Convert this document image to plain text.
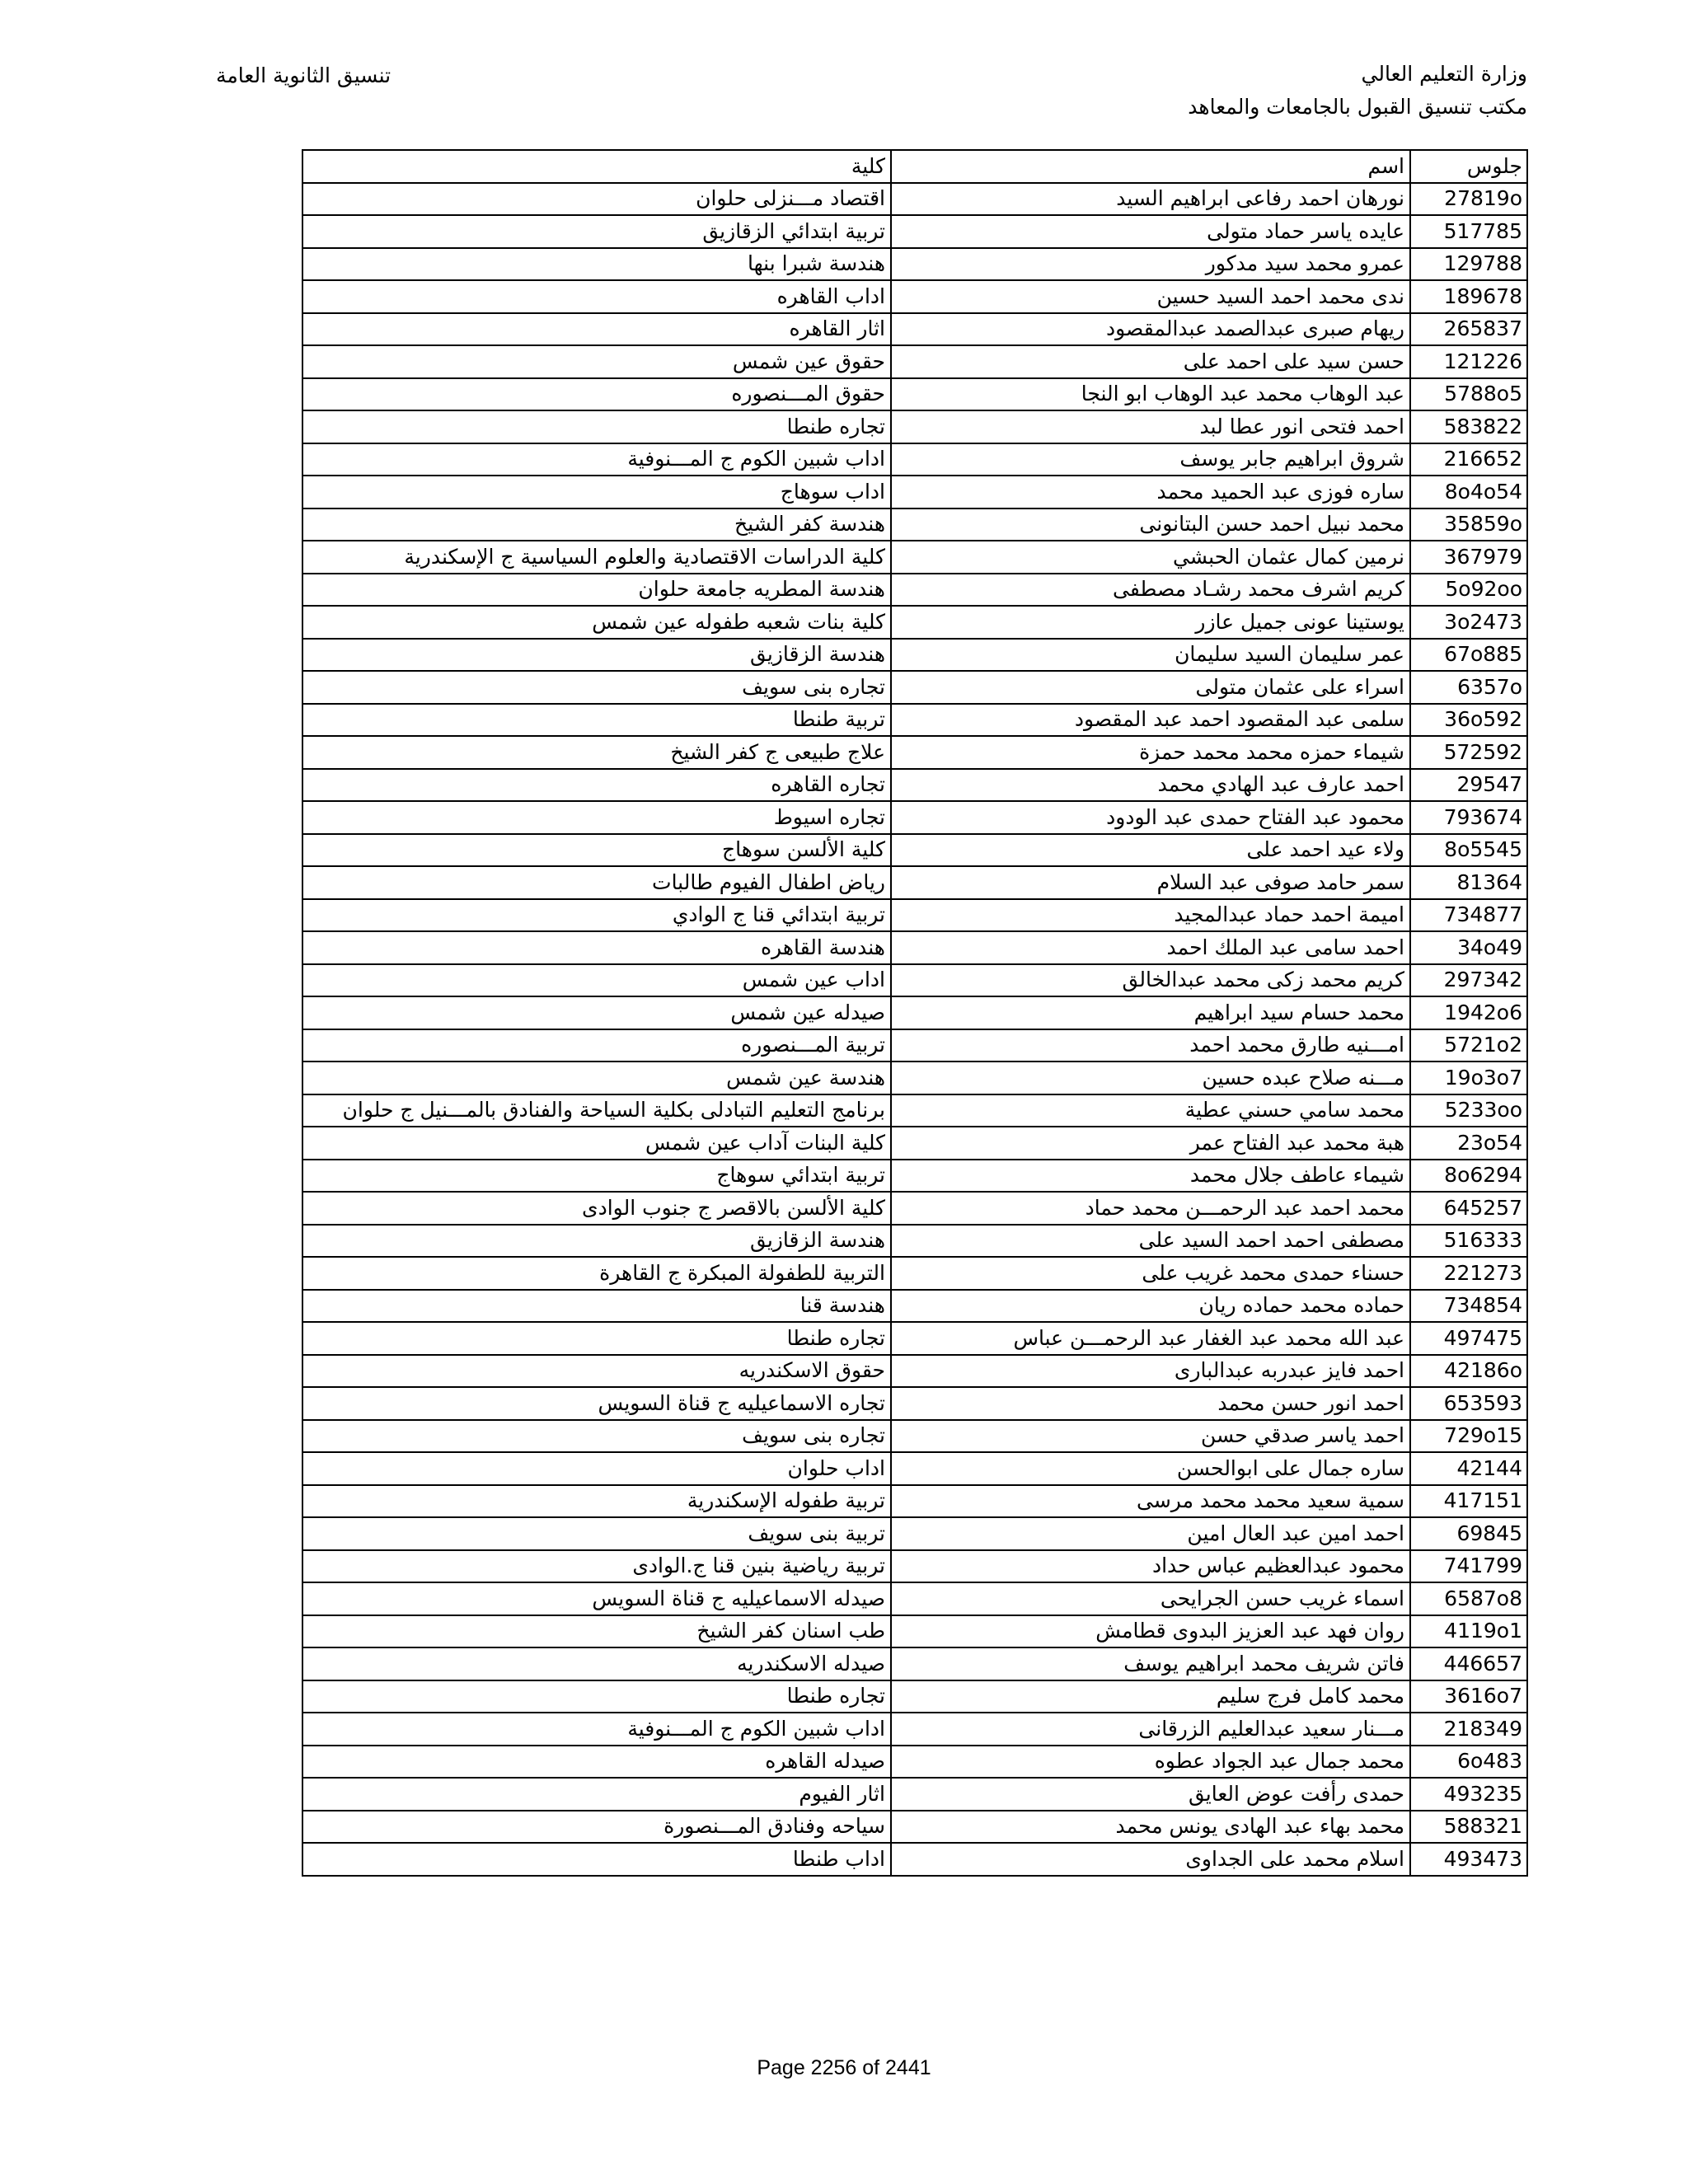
وزارة التعليم العالي
مكتب تنسيق القبول بالجامعات والمعاهد
تنسيق الثانوية العامة
جلوس	اسم	كلية
27819o	نورهان احمد رفاعى ابراهيم السيد	اقتصاد مـــنزلى حلوان
517785	عايده ياسر حماد متولى	تربية ابتدائي الزقازيق
129788	عمرو محمد سيد مدكور	هندسة شبرا بنها
189678	ندى محمد احمد السيد حسين	اداب القاهره
265837	ريهام صبرى عبدالصمد عبدالمقصود	اثار القاهره
121226	حسن سيد على احمد على	حقوق عين شمس
5788o5	عبد الوهاب محمد عبد الوهاب ابو النجا	حقوق المـــنصوره
583822	احمد فتحى انور عطا لبد	تجاره طنطا
216652	شروق ابراهيم جابر يوسف	اداب شبين الكوم ج المـــنوفية
8o4o54	ساره فوزى عبد الحميد محمد	اداب سوهاج
35859o	محمد نبيل احمد حسن البتانونى	هندسة كفر الشيخ
367979	نرمين كمال عثمان الحبشي	كلية الدراسات الاقتصادية والعلوم السياسية ج الإسكندرية
5o92oo	كريم اشرف محمد رشـاد مصطفى	هندسة المطريه جامعة حلوان
3o2473	يوستينا عونى جميل عازر	كلية بنات شعبه طفوله عين شمس
67o885	عمر سليمان السيد سليمان	هندسة الزقازيق
6357o	اسراء على عثمان متولى	تجاره بنى سويف
36o592	سلمى عبد المقصود احمد عبد المقصود	تربية طنطا
572592	شيماء حمزه محمد محمد حمزة	علاج طبيعى ج كفر الشيخ
29547	احمد عارف عبد الهادي محمد	تجاره القاهره
793674	محمود عبد الفتاح حمدى عبد الودود	تجاره اسيوط
8o5545	ولاء عيد احمد على	كلية الألسن سوهاج
81364	سمر حامد صوفى عبد السلام	رياض اطفال الفيوم طالبات
734877	اميمة احمد حماد عبدالمجيد	تربية ابتدائي قنا ج الوادي
34o49	احمد سامى عبد الملك احمد	هندسة القاهره
297342	كريم محمد زكى محمد عبدالخالق	اداب عين شمس
1942o6	محمد حسام سيد ابراهيم	صيدله عين شمس
5721o2	امـــنيه طارق محمد احمد	تربية المـــنصوره
19o3o7	مـــنه صلاح عبده حسين	هندسة عين شمس
5233oo	محمد سامي حسني عطية	برنامج التعليم التبادلى بكلية السياحة والفنادق بالمـــنيل ج حلوان
23o54	هبة محمد عبد الفتاح عمر	كلية البنات آداب عين شمس
8o6294	شيماء عاطف جلال محمد	تربية ابتدائي سوهاج
645257	محمد احمد عبد الرحمـــن محمد حماد	كلية الألسن بالاقصر ج جنوب الوادى
516333	مصطفى احمد احمد السيد على	هندسة الزقازيق
221273	حسناء حمدى محمد غريب على	التربية للطفولة المبكرة ج القاهرة
734854	حماده محمد حماده ريان	هندسة قنا
497475	عبد الله محمد عبد الغفار عبد الرحمـــن عباس	تجاره طنطا
42186o	احمد فايز عبدربه عبدالبارى	حقوق الاسكندريه
653593	احمد انور حسن محمد	تجاره الاسماعيليه ج قناة السويس
729o15	احمد ياسر صدقي حسن	تجاره بنى سويف
42144	ساره جمال على ابوالحسن	اداب حلوان
417151	سمية سعيد محمد محمد مرسى	تربية طفوله الإسكندرية
69845	احمد امين عبد العال امين	تربية بنى سويف
741799	محمود عبدالعظيم عباس حداد	تربية رياضية بنين قنا ج.الوادى
6587o8	اسماء غريب حسن الجرايحى	صيدله الاسماعيليه ج قناة السويس
4119o1	روان فهد عبد العزيز البدوى قطامش	طب اسنان كفر الشيخ
446657	فاتن شريف محمد ابراهيم يوسف	صيدله الاسكندريه
3616o7	محمد كامل فرج سليم	تجاره طنطا
218349	مـــنار سعيد عبدالعليم الزرقانى	اداب شبين الكوم ج المـــنوفية
6o483	محمد جمال عبد الجواد عطوه	صيدله القاهره
493235	حمدى رأفت عوض العايق	اثار الفيوم
588321	محمد بهاء عبد الهادى يونس محمد	سياحه وفنادق المـــنصورة
493473	اسلام محمد على الجداوى	اداب طنطا
Page 2256 of 2441
